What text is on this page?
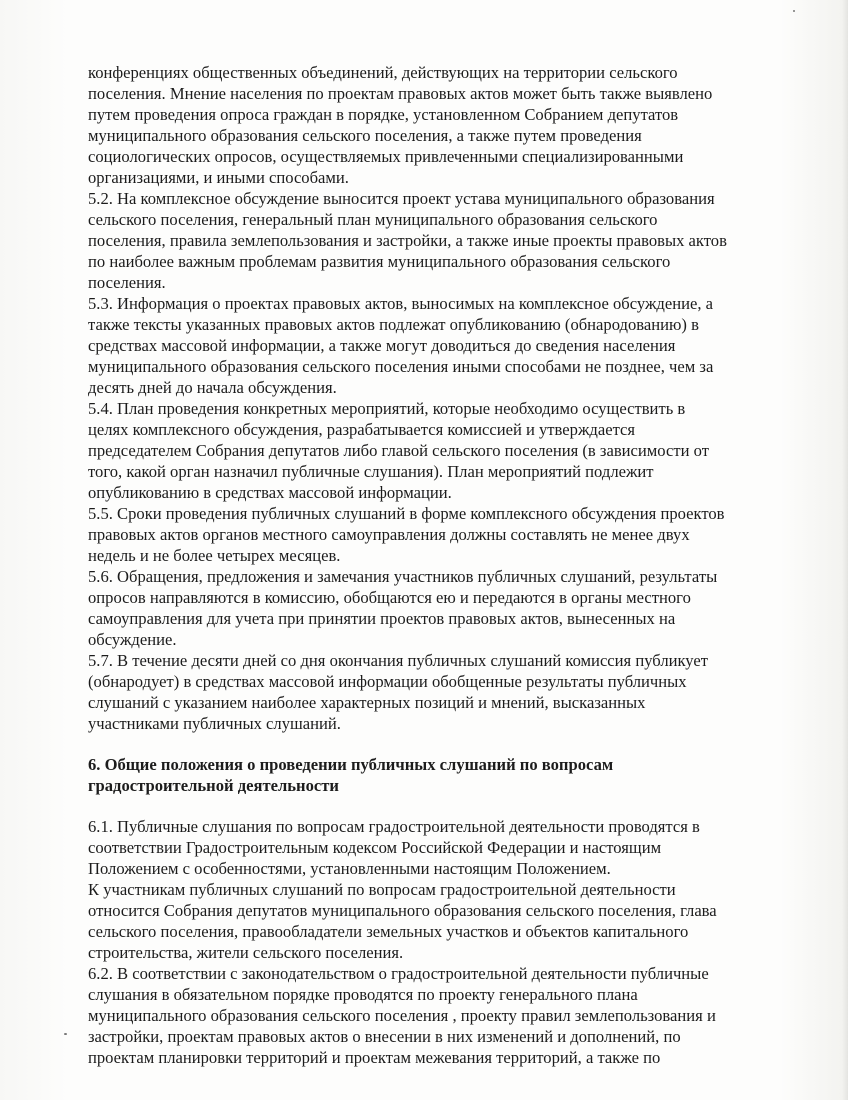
конференциях общественных объединений, действующих на территории сельского
поселения. Мнение населения по проектам правовых актов может быть также выявлено
путем проведения опроса граждан в порядке, установленном Собранием депутатов
муниципального образования сельского поселения, а также путем проведения
социологических опросов, осуществляемых привлеченными специализированными
организациями, и иными способами.
5.2. На комплексное обсуждение выносится проект устава муниципального образования
сельского поселения, генеральный план муниципального образования сельского
поселения, правила землепользования и застройки, а также иные проекты правовых актов
по наиболее важным проблемам развития муниципального образования сельского
поселения.
5.3. Информация о проектах правовых актов, выносимых на комплексное обсуждение, а
также тексты указанных правовых актов подлежат опубликованию (обнародованию) в
средствах массовой информации, а также могут доводиться до сведения населения
муниципального образования сельского поселения иными способами не позднее, чем за
десять дней до начала обсуждения.
5.4. План проведения конкретных мероприятий, которые необходимо осуществить в
целях комплексного обсуждения, разрабатывается комиссией и утверждается
председателем Собрания депутатов либо главой сельского поселения (в зависимости от
того, какой орган назначил публичные слушания). План мероприятий подлежит
опубликованию в средствах массовой информации.
5.5. Сроки проведения публичных слушаний в форме комплексного обсуждения проектов
правовых актов органов местного самоуправления должны составлять не менее двух
недель и не более четырех месяцев.
5.6. Обращения, предложения и замечания участников публичных слушаний, результаты
опросов направляются в комиссию, обобщаются ею и передаются в органы местного
самоуправления для учета при принятии проектов правовых актов, вынесенных на
обсуждение.
5.7. В течение десяти дней со дня окончания публичных слушаний комиссия публикует
(обнародует) в средствах массовой информации обобщенные результаты публичных
слушаний с указанием наиболее характерных позиций и мнений, высказанных
участниками публичных слушаний.
6. Общие положения о проведении публичных слушаний по вопросам
градостроительной деятельности
6.1. Публичные слушания по вопросам градостроительной деятельности проводятся в
соответствии Градостроительным кодексом Российской Федерации и настоящим
Положением с особенностями, установленными настоящим Положением.
К участникам публичных слушаний по вопросам градостроительной деятельности
относится Собрания депутатов муниципального образования сельского поселения, глава
сельского поселения, правообладатели земельных участков и объектов капитального
строительства, жители сельского поселения.
6.2. В соответствии с законодательством о градостроительной деятельности публичные
слушания в обязательном порядке проводятся по проекту генерального плана
муниципального образования сельского поселения , проекту правил землепользования и
застройки, проектам правовых актов о внесении в них изменений и дополнений, по
проектам планировки территорий и проектам межевания территорий, а также по
